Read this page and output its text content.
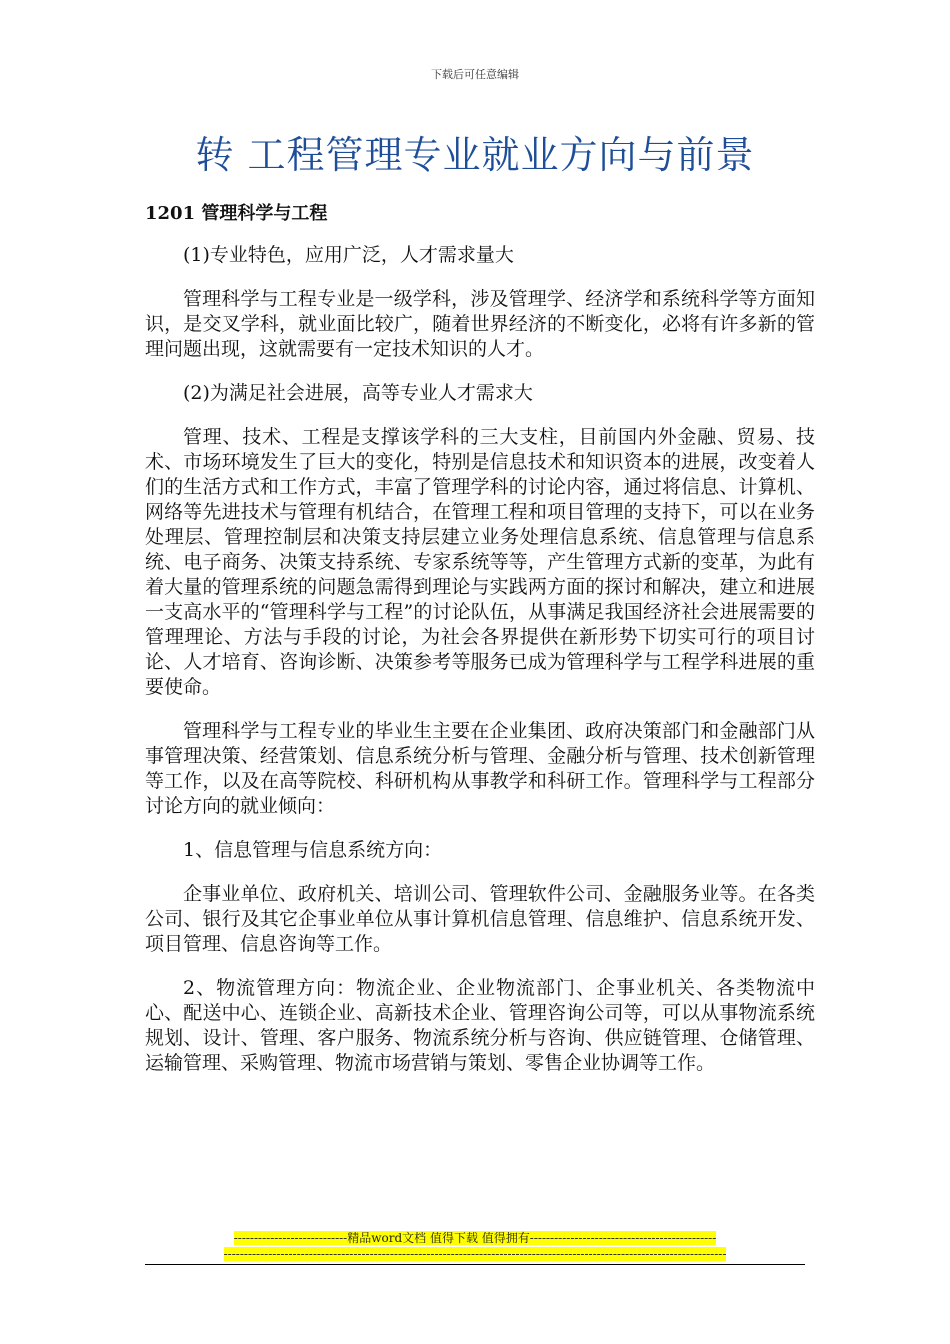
下载后可任意编辑
转 工程管理专业就业方向与前景
1201 管理科学与工程

(1)专业特色，应用广泛，人才需求量大

管理科学与工程专业是一级学科，涉及管理学、经济学和系统科学等方面知识，是交叉学科，就业面比较广，随着世界经济的不断变化，必将有许多新的管理问题出现，这就需要有一定技术知识的人才。

(2)为满足社会进展，高等专业人才需求大

管理、技术、工程是支撑该学科的三大支柱，目前国内外金融、贸易、技术、市场环境发生了巨大的变化，特别是信息技术和知识资本的进展，改变着人们的生活方式和工作方式，丰富了管理学科的讨论内容，通过将信息、计算机、网络等先进技术与管理有机结合，在管理工程和项目管理的支持下，可以在业务处理层、管理控制层和决策支持层建立业务处理信息系统、信息管理与信息系统、电子商务、决策支持系统、专家系统等等，产生管理方式新的变革，为此有着大量的管理系统的问题急需得到理论与实践两方面的探讨和解决，建立和进展一支高水平的“管理科学与工程”的讨论队伍，从事满足我国经济社会进展需要的管理理论、方法与手段的讨论，为社会各界提供在新形势下切实可行的项目讨论、人才培育、咨询诊断、决策参考等服务已成为管理科学与工程学科进展的重要使命。

管理科学与工程专业的毕业生主要在企业集团、政府决策部门和金融部门从事管理决策、经营策划、信息系统分析与管理、金融分析与管理、技术创新管理等工作，以及在高等院校、科研机构从事教学和科研工作。管理科学与工程部分讨论方向的就业倾向：

1、信息管理与信息系统方向：

企事业单位、政府机关、培训公司、管理软件公司、金融服务业等。在各类公司、银行及其它企事业单位从事计算机信息管理、信息维护、信息系统开发、项目管理、信息咨询等工作。

2、物流管理方向：物流企业、企业物流部门、企事业机关、各类物流中心、配送中心、连锁企业、高新技术企业、管理咨询公司等，可以从事物流系统规划、设计、管理、客户服务、物流系统分析与咨询、供应链管理、仓储管理、运输管理、采购管理、物流市场营销与策划、零售企业协调等工作。

----------------------------精品word文档 值得下载 值得拥有----------------------------------------------
----------------------------------------------------------------------------------------------------------------------------
